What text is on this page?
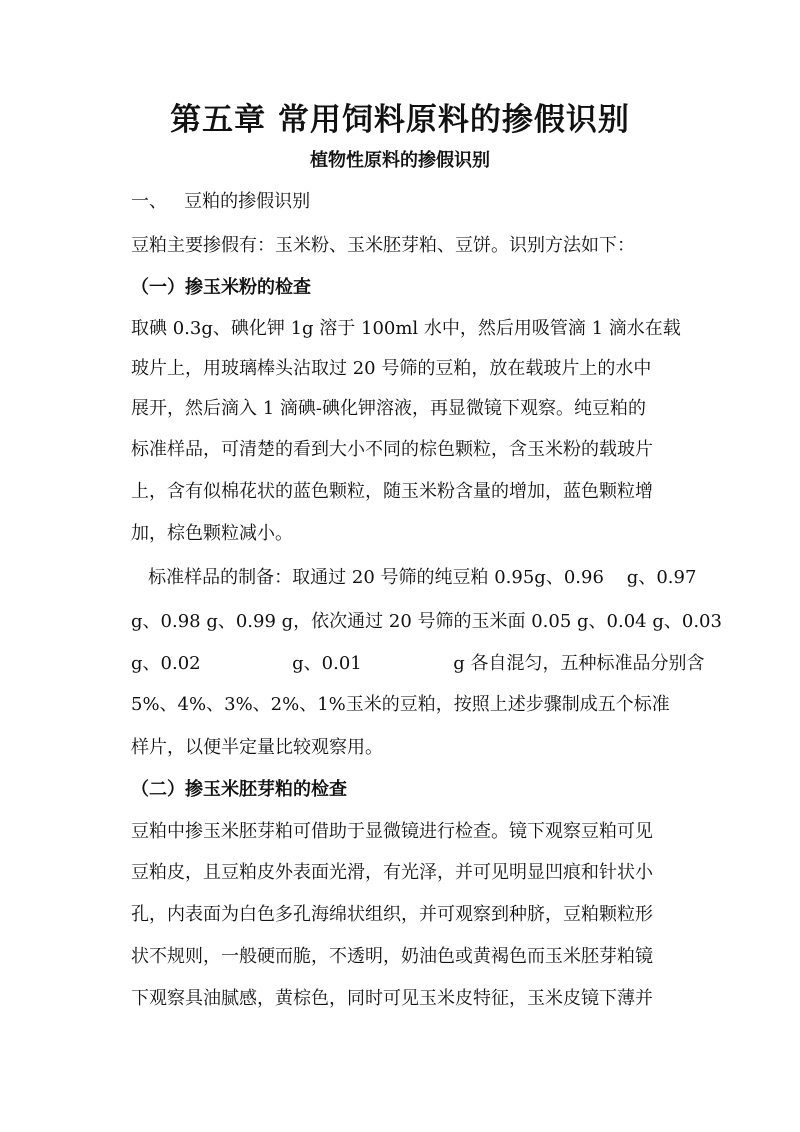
第五章 常用饲料原料的掺假识别
植物性原料的掺假识别

一、   豆粕的掺假识别

豆粕主要掺假有：玉米粉、玉米胚芽粕、豆饼。识别方法如下：

（一）掺玉米粉的检查

取碘 0.3g、碘化钾 1g 溶于 100ml 水中，然后用吸管滴 1 滴水在载

玻片上，用玻璃棒头沾取过 20 号筛的豆粕，放在载玻片上的水中

展开，然后滴入 1 滴碘-碘化钾溶液，再显微镜下观察。纯豆粕的

标准样品，可清楚的看到大小不同的棕色颗粒，含玉米粉的载玻片

上，含有似棉花状的蓝色颗粒，随玉米粉含量的增加，蓝色颗粒增

加，棕色颗粒减小。

标准样品的制备：取通过 20 号筛的纯豆粕 0.95g、0.96    g、0.97

g、0.98 g、0.99 g，依次通过 20 号筛的玉米面 0.05 g、0.04 g、0.03

g、0.02                g、0.01                g 各自混匀，五种标准品分别含

5%、4%、3%、2%、1%玉米的豆粕，按照上述步骤制成五个标准

样片，以便半定量比较观察用。

（二）掺玉米胚芽粕的检查

豆粕中掺玉米胚芽粕可借助于显微镜进行检查。镜下观察豆粕可见

豆粕皮，且豆粕皮外表面光滑，有光泽，并可见明显凹痕和针状小

孔，内表面为白色多孔海绵状组织，并可观察到种脐，豆粕颗粒形

状不规则，一般硬而脆，不透明，奶油色或黄褐色而玉米胚芽粕镜

下观察具油腻感，黄棕色，同时可见玉米皮特征，玉米皮镜下薄并
